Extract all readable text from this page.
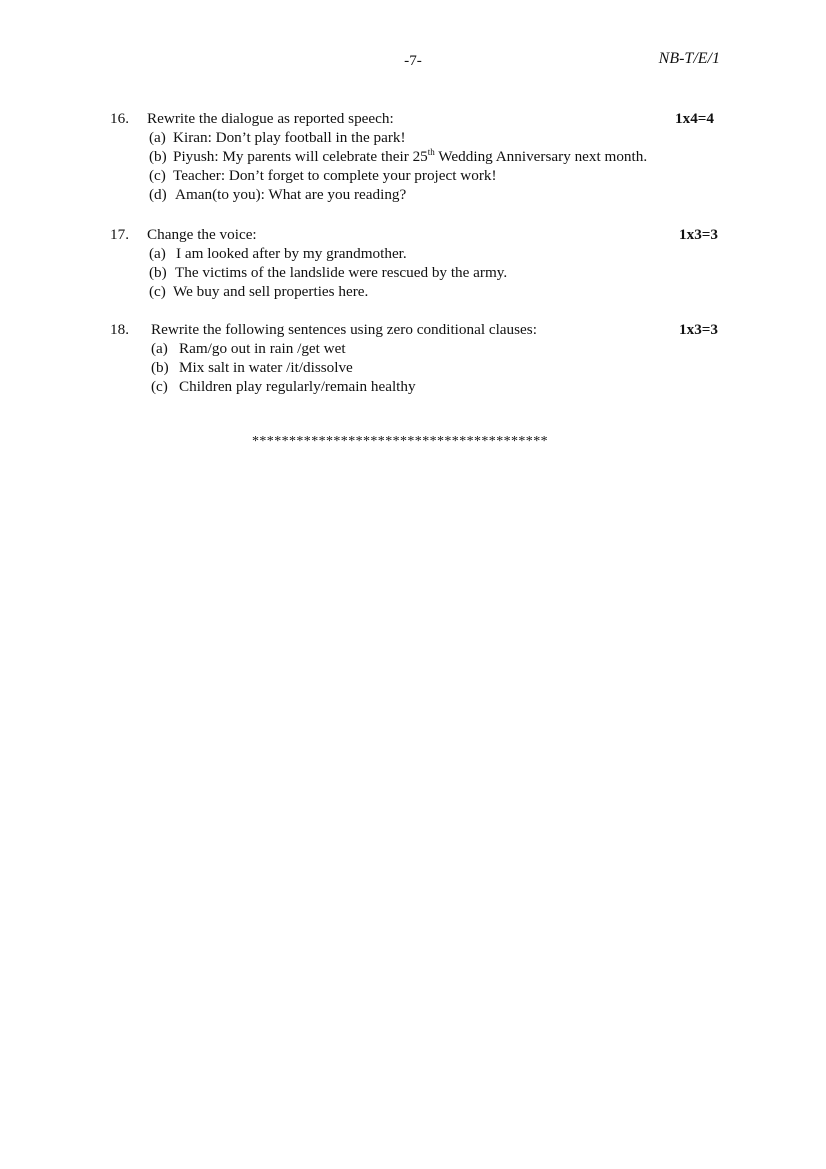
-7-	NB-T/E/1
16. Rewrite the dialogue as reported speech:	1x4=4
(a) Kiran: Don’t play football in the park!
(b) Piyush: My parents will celebrate their 25th Wedding Anniversary next month.
(c) Teacher: Don’t forget to complete your project work!
(d) Aman(to you): What are you reading?
17. Change the voice:	1x3=3
(a) I am looked after by my grandmother.
(b) The victims of the landslide were rescued by the army.
(c) We buy and sell properties here.
18. Rewrite the following sentences using zero conditional clauses:	1x3=3
(a) Ram/go out in rain /get wet
(b) Mix salt in water /it/dissolve
(c) Children play regularly/remain healthy
****************************************
